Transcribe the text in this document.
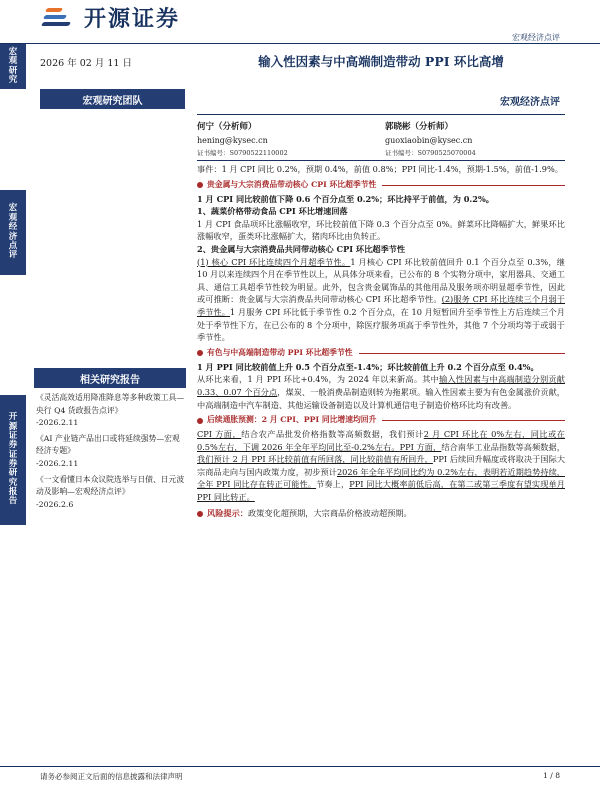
开源证券
宏观经济点评
宏观研究
宏观经济点评
开源证券 证券研究报告
2026 年 02 月 11 日
宏观研究团队
输入性因素与中高端制造带动 PPI 环比高增
宏观经济点评
何宁（分析师）
hening@kysec.cn
证书编号：S0790522110002
郭晓彬（分析师）
guoxiaobin@kysec.cn
证书编号：S0790525070004
相关研究报告
《灵活高效适用降准降息等多种政策工具—央行 Q4 货政报告点评》
-2026.2.11
《AI 产业链产品出口或将延续强势—宏观经济专题》
-2026.2.11
《一文看懂日本众议院选举与日债、日元波动及影响—宏观经济点评》
-2026.2.6

事件：1 月 CPI 同比 0.2%，预期 0.4%，前值 0.8%；PPI 同比-1.4%，预期-1.5%，前值-1.9%。

贵金属与大宗消费品带动核心 CPI 环比超季节性

1 月 CPI 同比较前值下降 0.6 个百分点至 0.2%；环比持平于前值，为 0.2%。

1、蔬菜价格带动食品 CPI 环比增速回落

1 月 CPI 食品项环比涨幅收窄，环比较前值下降 0.3 个百分点至 0%。鲜菜环比降幅扩大，鲜果环比涨幅收窄，蛋类环比涨幅扩大，猪肉环比由负转正。

2、贵金属与大宗消费品共同带动核心 CPI 环比超季节性

(1) 核心 CPI 环比连续四个月超季节性。1 月核心 CPI 环比较前值回升 0.1 个百分点至 0.3%，继 10 月以来连续四个月在季节性以上，从具体分项来看，已公布的 8 个实物分项中，家用器具、交通工具、通信工具超季节性较为明显。此外，包含贵金属饰品的其他用品及服务项亦明显超季节性，因此或可推断：贵金属与大宗消费品共同带动核心 CPI 环比超季节性。(2)服务 CPI 环比连续三个月弱于季节性。1 月服务 CPI 环比低于季节性 0.2 个百分点，在 10 月短暂回升至季节性上方后连续三个月处于季节性下方，在已公布的 8 个分项中，除医疗服务项高于季节性外，其他 7 个分项均等于或弱于季节性。

有色与中高端制造带动 PPI 环比超季节性

1 月 PPI 同比较前值上升 0.5 个百分点至-1.4%；环比较前值上升 0.2 个百分点至 0.4%。

从环比来看，1 月 PPI 环比+0.4%，为 2024 年以来新高。其中输入性因素与中高端制造分别贡献 0.33、0.07 个百分点，煤炭、一般消费品制造则转为拖累项。输入性因素主要为有色金属涨价贡献，中高端制造中汽车制造、其他运输设备制造以及计算机通信电子制造价格环比均有改善。

后续通胀预测：2 月 CPI、PPI 同比增速均回升

CPI 方面，结合农产品批发价格指数等高频数据，我们预计2 月 CPI 环比在 0%左右，同比或在 0.5%左右，下调 2026 年全年平均同比至-0.2%左右。PPI 方面，结合南华工业品指数等高频数据，我们预计 2 月 PPI 环比较前值有所回落，同比较前值有所回升，PPI 后续回升幅度或将取决于国际大宗商品走向与国内政策力度，初步预计2026 年全年平均同比约为 0.2%左右，表明若近期趋势持续，全年 PPI 同比存在转正可能性。节奏上，PPI 同比大概率前低后高，在第二或第三季度有望实现单月 PPI 同比转正。

风险提示：政策变化超预期，大宗商品价格波动超预期。

请务必参阅正文后面的信息披露和法律声明	1 / 8
